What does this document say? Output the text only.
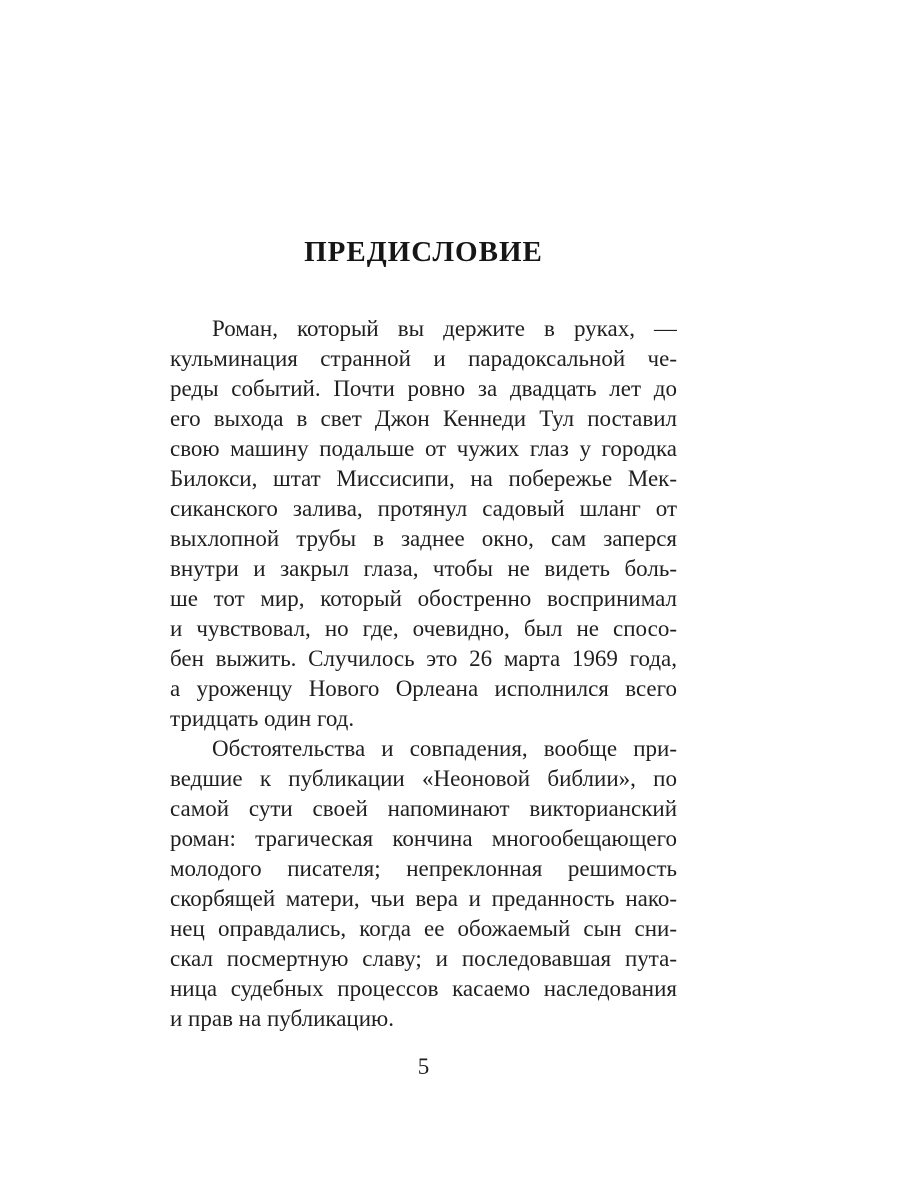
ПРЕДИСЛОВИЕ
Роман, который вы держите в руках, —
кульминация странной и парадоксальной че-
реды событий. Почти ровно за двадцать лет до
его выхода в свет Джон Кеннеди Тул поставил
свою машину подальше от чужих глаз у городка
Билокси, штат Миссисипи, на побережье Мек-
сиканского залива, протянул садовый шланг от
выхлопной трубы в заднее окно, сам заперся
внутри и закрыл глаза, чтобы не видеть боль-
ше тот мир, который обостренно воспринимал
и чувствовал, но где, очевидно, был не спосо-
бен выжить. Случилось это 26 марта 1969 года,
а уроженцу Нового Орлеана исполнился всего
тридцать один год.
Обстоятельства и совпадения, вообще при-
ведшие к публикации «Неоновой библии», по
самой сути своей напоминают викторианский
роман: трагическая кончина многообещающего
молодого писателя; непреклонная решимость
скорбящей матери, чьи вера и преданность нако-
нец оправдались, когда ее обожаемый сын сни-
скал посмертную славу; и последовавшая пута-
ница судебных процессов касаемо наследования
и прав на публикацию.
5
